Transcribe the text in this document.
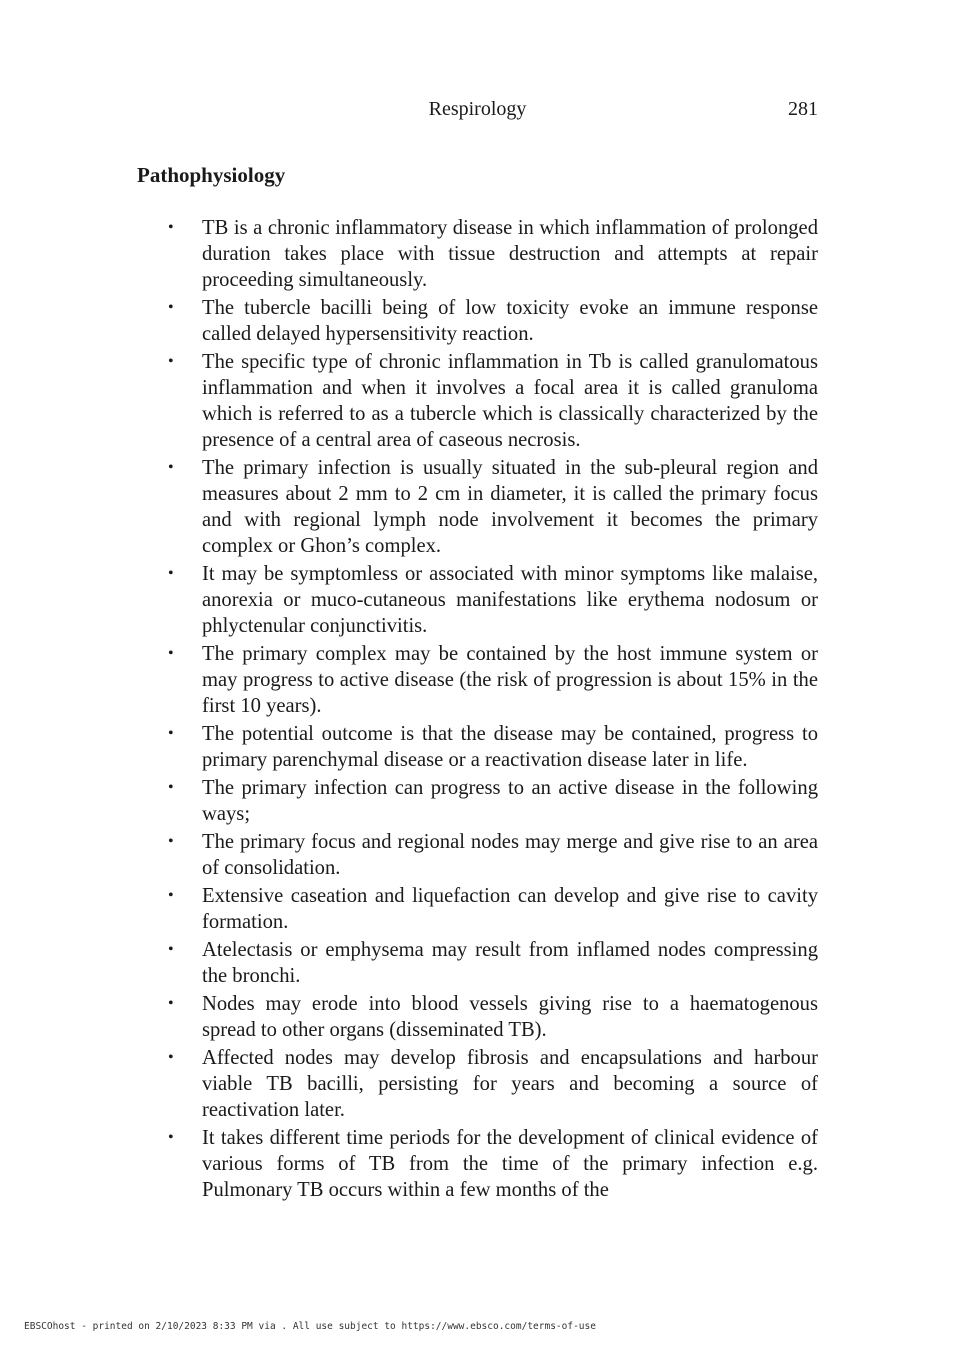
Respirology	281
Pathophysiology
• TB is a chronic inflammatory disease in which inflammation of prolonged duration takes place with tissue destruction and attempts at repair proceeding simultaneously.
• The tubercle bacilli being of low toxicity evoke an immune response called delayed hypersensitivity reaction.
• The specific type of chronic inflammation in Tb is called granulomatous inflammation and when it involves a focal area it is called granuloma which is referred to as a tubercle which is classically characterized by the presence of a central area of caseous necrosis.
• The primary infection is usually situated in the sub-pleural region and measures about 2 mm to 2 cm in diameter, it is called the primary focus and with regional lymph node involvement it becomes the primary complex or Ghon’s complex.
• It may be symptomless or associated with minor symptoms like malaise, anorexia or muco-cutaneous manifestations like erythema nodosum or phlyctenular conjunctivitis.
• The primary complex may be contained by the host immune system or may progress to active disease (the risk of progression is about 15% in the first 10 years).
• The potential outcome is that the disease may be contained, progress to primary parenchymal disease or a reactivation disease later in life.
• The primary infection can progress to an active disease in the following ways;
• The primary focus and regional nodes may merge and give rise to an area of consolidation.
• Extensive caseation and liquefaction can develop and give rise to cavity formation.
• Atelectasis or emphysema may result from inflamed nodes compressing the bronchi.
• Nodes may erode into blood vessels giving rise to a haematogenous spread to other organs (disseminated TB).
• Affected nodes may develop fibrosis and encapsulations and harbour viable TB bacilli, persisting for years and becoming a source of reactivation later.
• It takes different time periods for the development of clinical evidence of various forms of TB from the time of the primary infection e.g. Pulmonary TB occurs within a few months of the
EBSCOhost - printed on 2/10/2023 8:33 PM via . All use subject to https://www.ebsco.com/terms-of-use
